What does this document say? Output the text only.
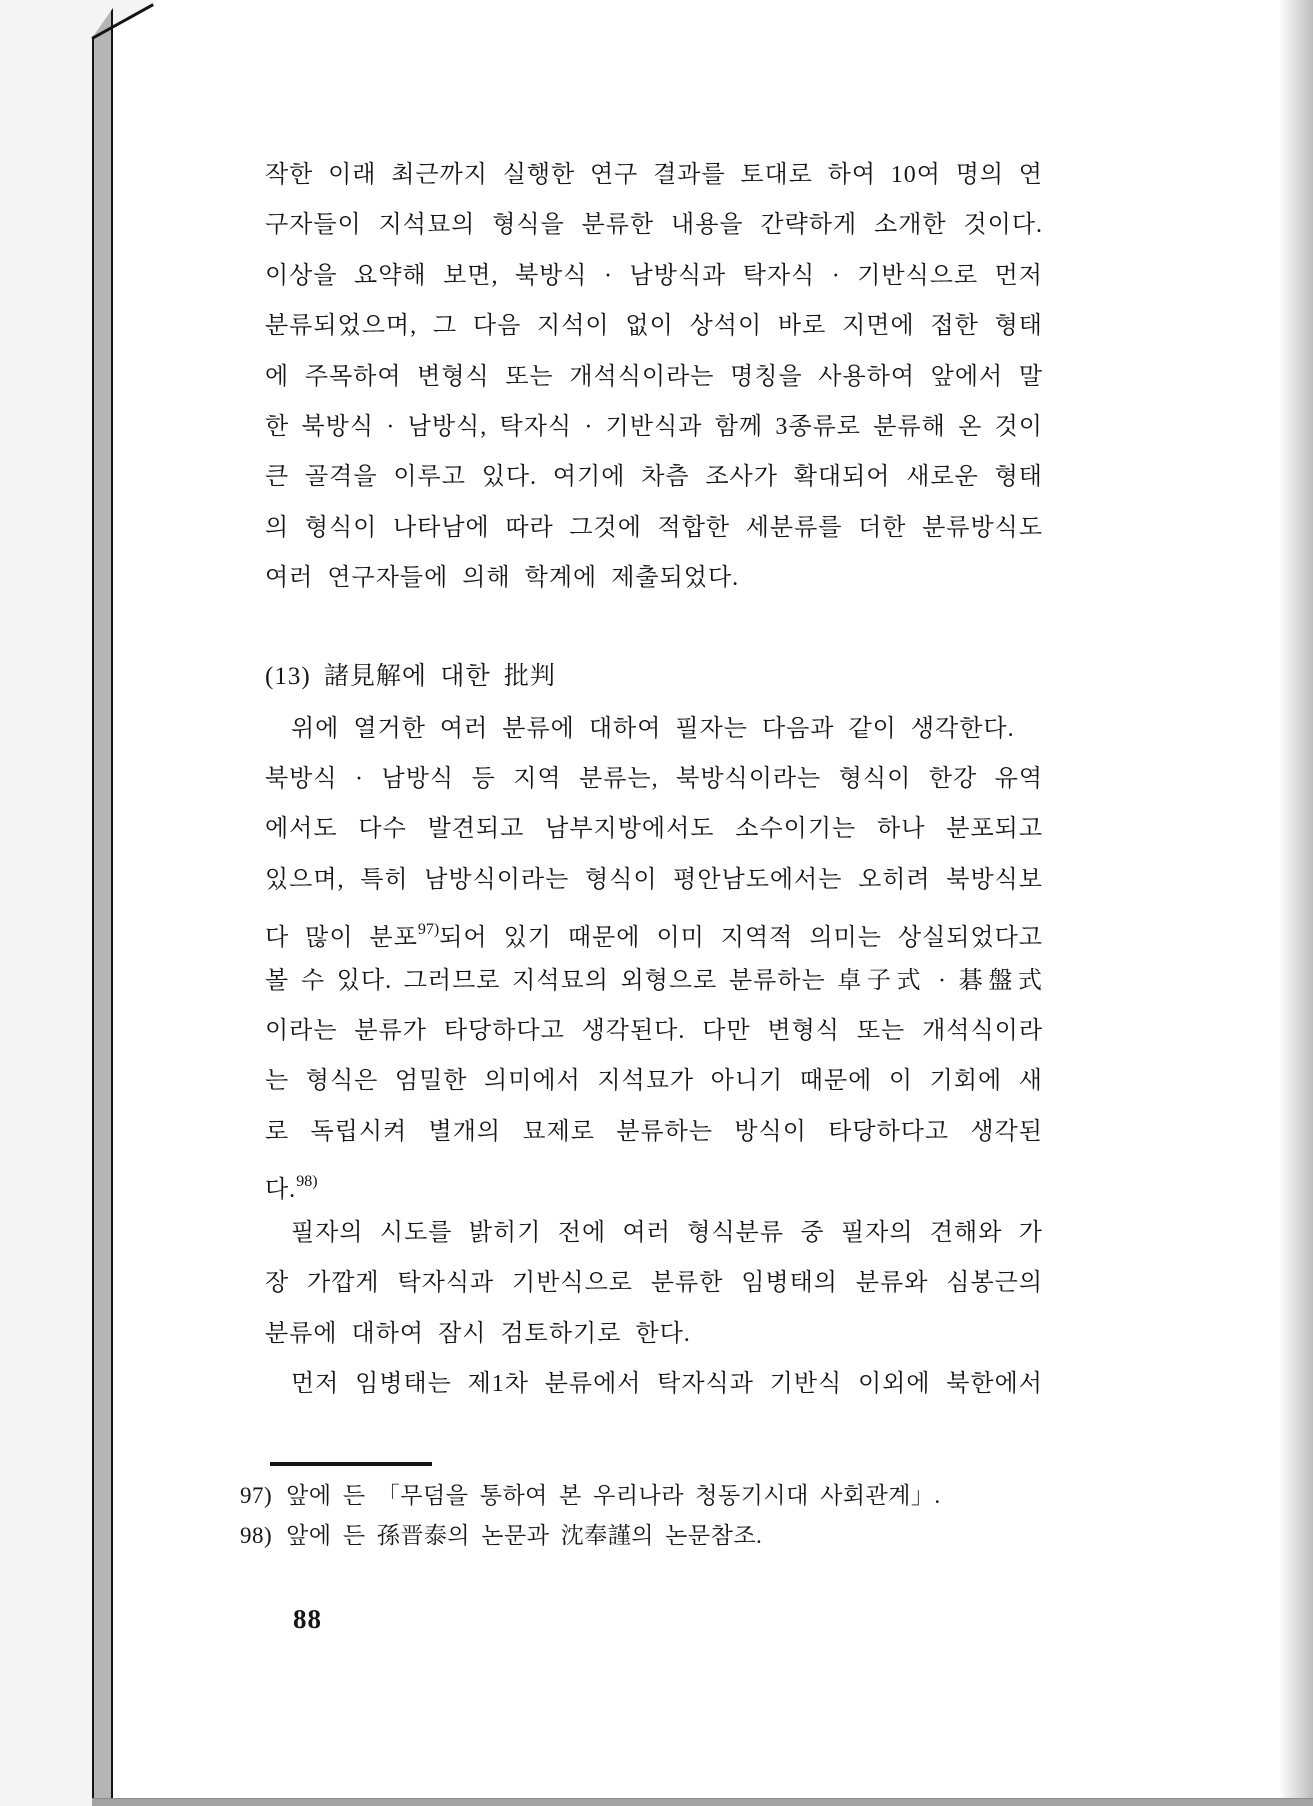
작한 이래 최근까지 실행한 연구 결과를 토대로 하여 10여 명의 연
구자들이 지석묘의 형식을 분류한 내용을 간략하게 소개한 것이다.
이상을 요약해 보면, 북방식 · 남방식과 탁자식 · 기반식으로 먼저
분류되었으며, 그 다음 지석이 없이 상석이 바로 지면에 접한 형태
에 주목하여 변형식 또는 개석식이라는 명칭을 사용하여 앞에서 말
한 북방식 · 남방식, 탁자식 · 기반식과 함께 3종류로 분류해 온 것이
큰 골격을 이루고 있다. 여기에 차츰 조사가 확대되어 새로운 형태
의 형식이 나타남에 따라 그것에 적합한 세분류를 더한 분류방식도
여러 연구자들에 의해 학계에 제출되었다.
(13) 諸見解에 대한 批判
위에 열거한 여러 분류에 대하여 필자는 다음과 같이 생각한다.
북방식 · 남방식 등 지역 분류는, 북방식이라는 형식이 한강 유역
에서도 다수 발견되고 남부지방에서도 소수이기는 하나 분포되고
있으며, 특히 남방식이라는 형식이 평안남도에서는 오히려 북방식보
다 많이 분포$^{97)}$되어 있기 때문에 이미 지역적 의미는 상실되었다고
볼 수 있다. 그러므로 지석묘의 외형으로 분류하는 卓子式 · 碁盤式
이라는 분류가 타당하다고 생각된다. 다만 변형식 또는 개석식이라
는 형식은 엄밀한 의미에서 지석묘가 아니기 때문에 이 기회에 새
로 독립시켜 별개의 묘제로 분류하는 방식이 타당하다고 생각된
다.$^{98)}$
필자의 시도를 밝히기 전에 여러 형식분류 중 필자의 견해와 가
장 가깝게 탁자식과 기반식으로 분류한 임병태의 분류와 심봉근의
분류에 대하여 잠시 검토하기로 한다.
먼저 임병태는 제1차 분류에서 탁자식과 기반식 이외에 북한에서
97) 앞에 든 「무덤을 통하여 본 우리나라 청동기시대 사회관계」.
98) 앞에 든 孫晋泰의 논문과 沈奉謹의 논문참조.
88
